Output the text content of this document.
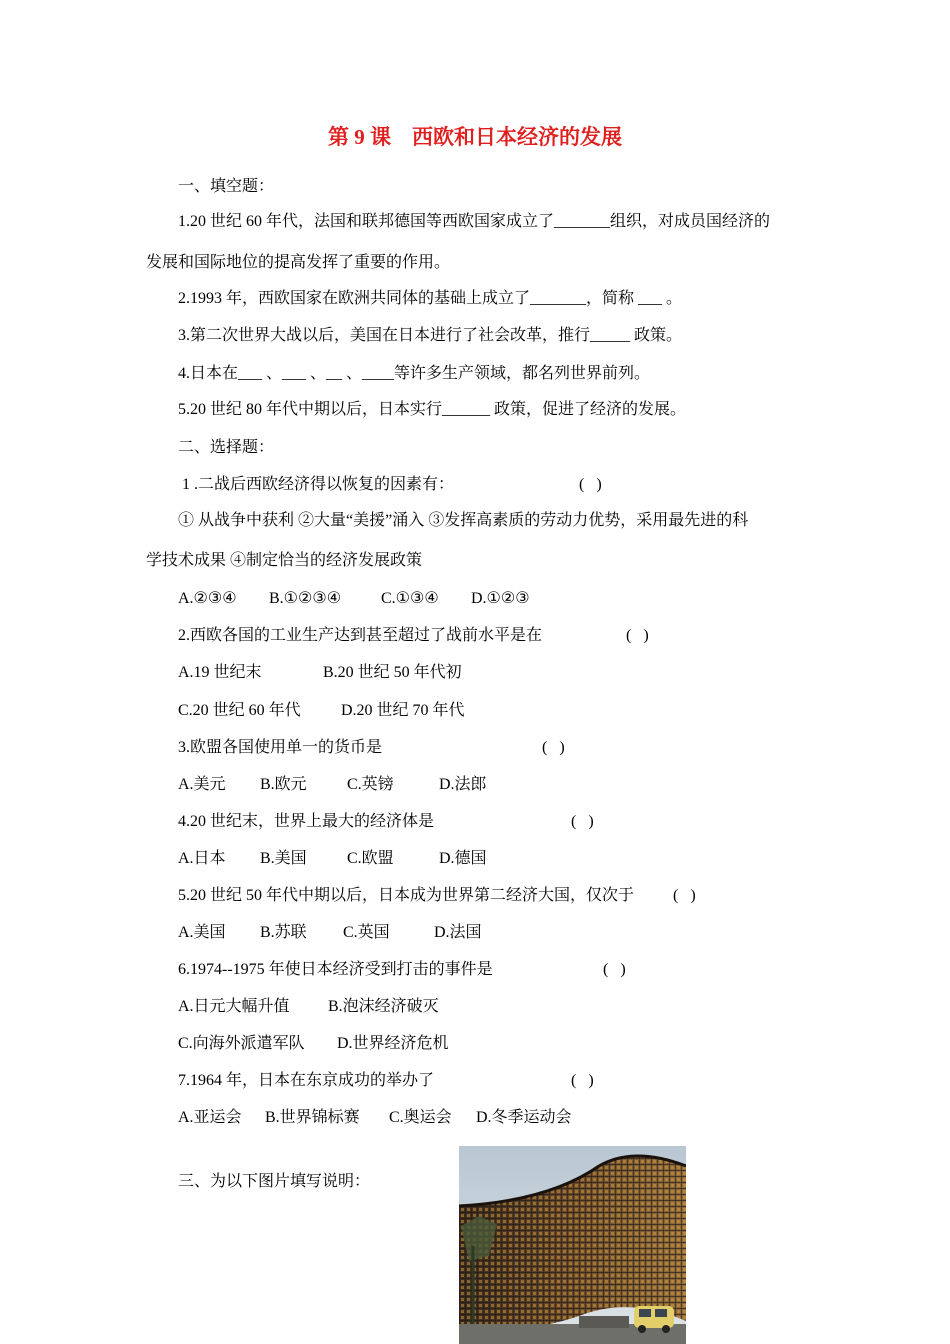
第 9 课    西欧和日本经济的发展
一、填空题：
1.20 世纪 60 年代，法国和联邦德国等西欧国家成立了_______组织，对成员国经济的
发展和国际地位的提高发挥了重要的作用。
2.1993 年，西欧国家在欧洲共同体的基础上成立了_______，简称 ___ 。
3.第二次世界大战以后，美国在日本进行了社会改革，推行_____ 政策。
4.日本在___ 、___ 、__ 、____等许多生产领域，都名列世界前列。
5.20 世纪 80 年代中期以后，日本实行______ 政策，促进了经济的发展。
二、选择题：
1 .二战后西欧经济得以恢复的因素有：	(   )
① 从战争中获利 ②大量“美援”涌入 ③发挥高素质的劳动力优势，采用最先进的科
学技术成果 ④制定恰当的经济发展政策
A.②③④ B.①②③④ C.①③④ D.①②③
2.西欧各国的工业生产达到甚至超过了战前水平是在	(   )
A.19 世纪末	B.20 世纪 50 年代初
C.20 世纪 60 年代	D.20 世纪 70 年代
3.欧盟各国使用单一的货币是	(   )
A.美元 B.欧元	C.英镑	D.法郎
4.20 世纪末，世界上最大的经济体是	(   )
A.日本 B.美国	C.欧盟	D.德国
5.20 世纪 50 年代中期以后，日本成为世界第二经济大国，仅次于 (   )
A.美国 B.苏联 C.英国	D.法国
6.1974--1975 年使日本经济受到打击的事件是	(   )
A.日元大幅升值 B.泡沫经济破灭
C.向海外派遣军队 D.世界经济危机
7.1964 年，日本在东京成功的举办了	(   )
A.亚运会 B.世界锦标赛 C.奥运会 D.冬季运动会
三、为以下图片填写说明：
